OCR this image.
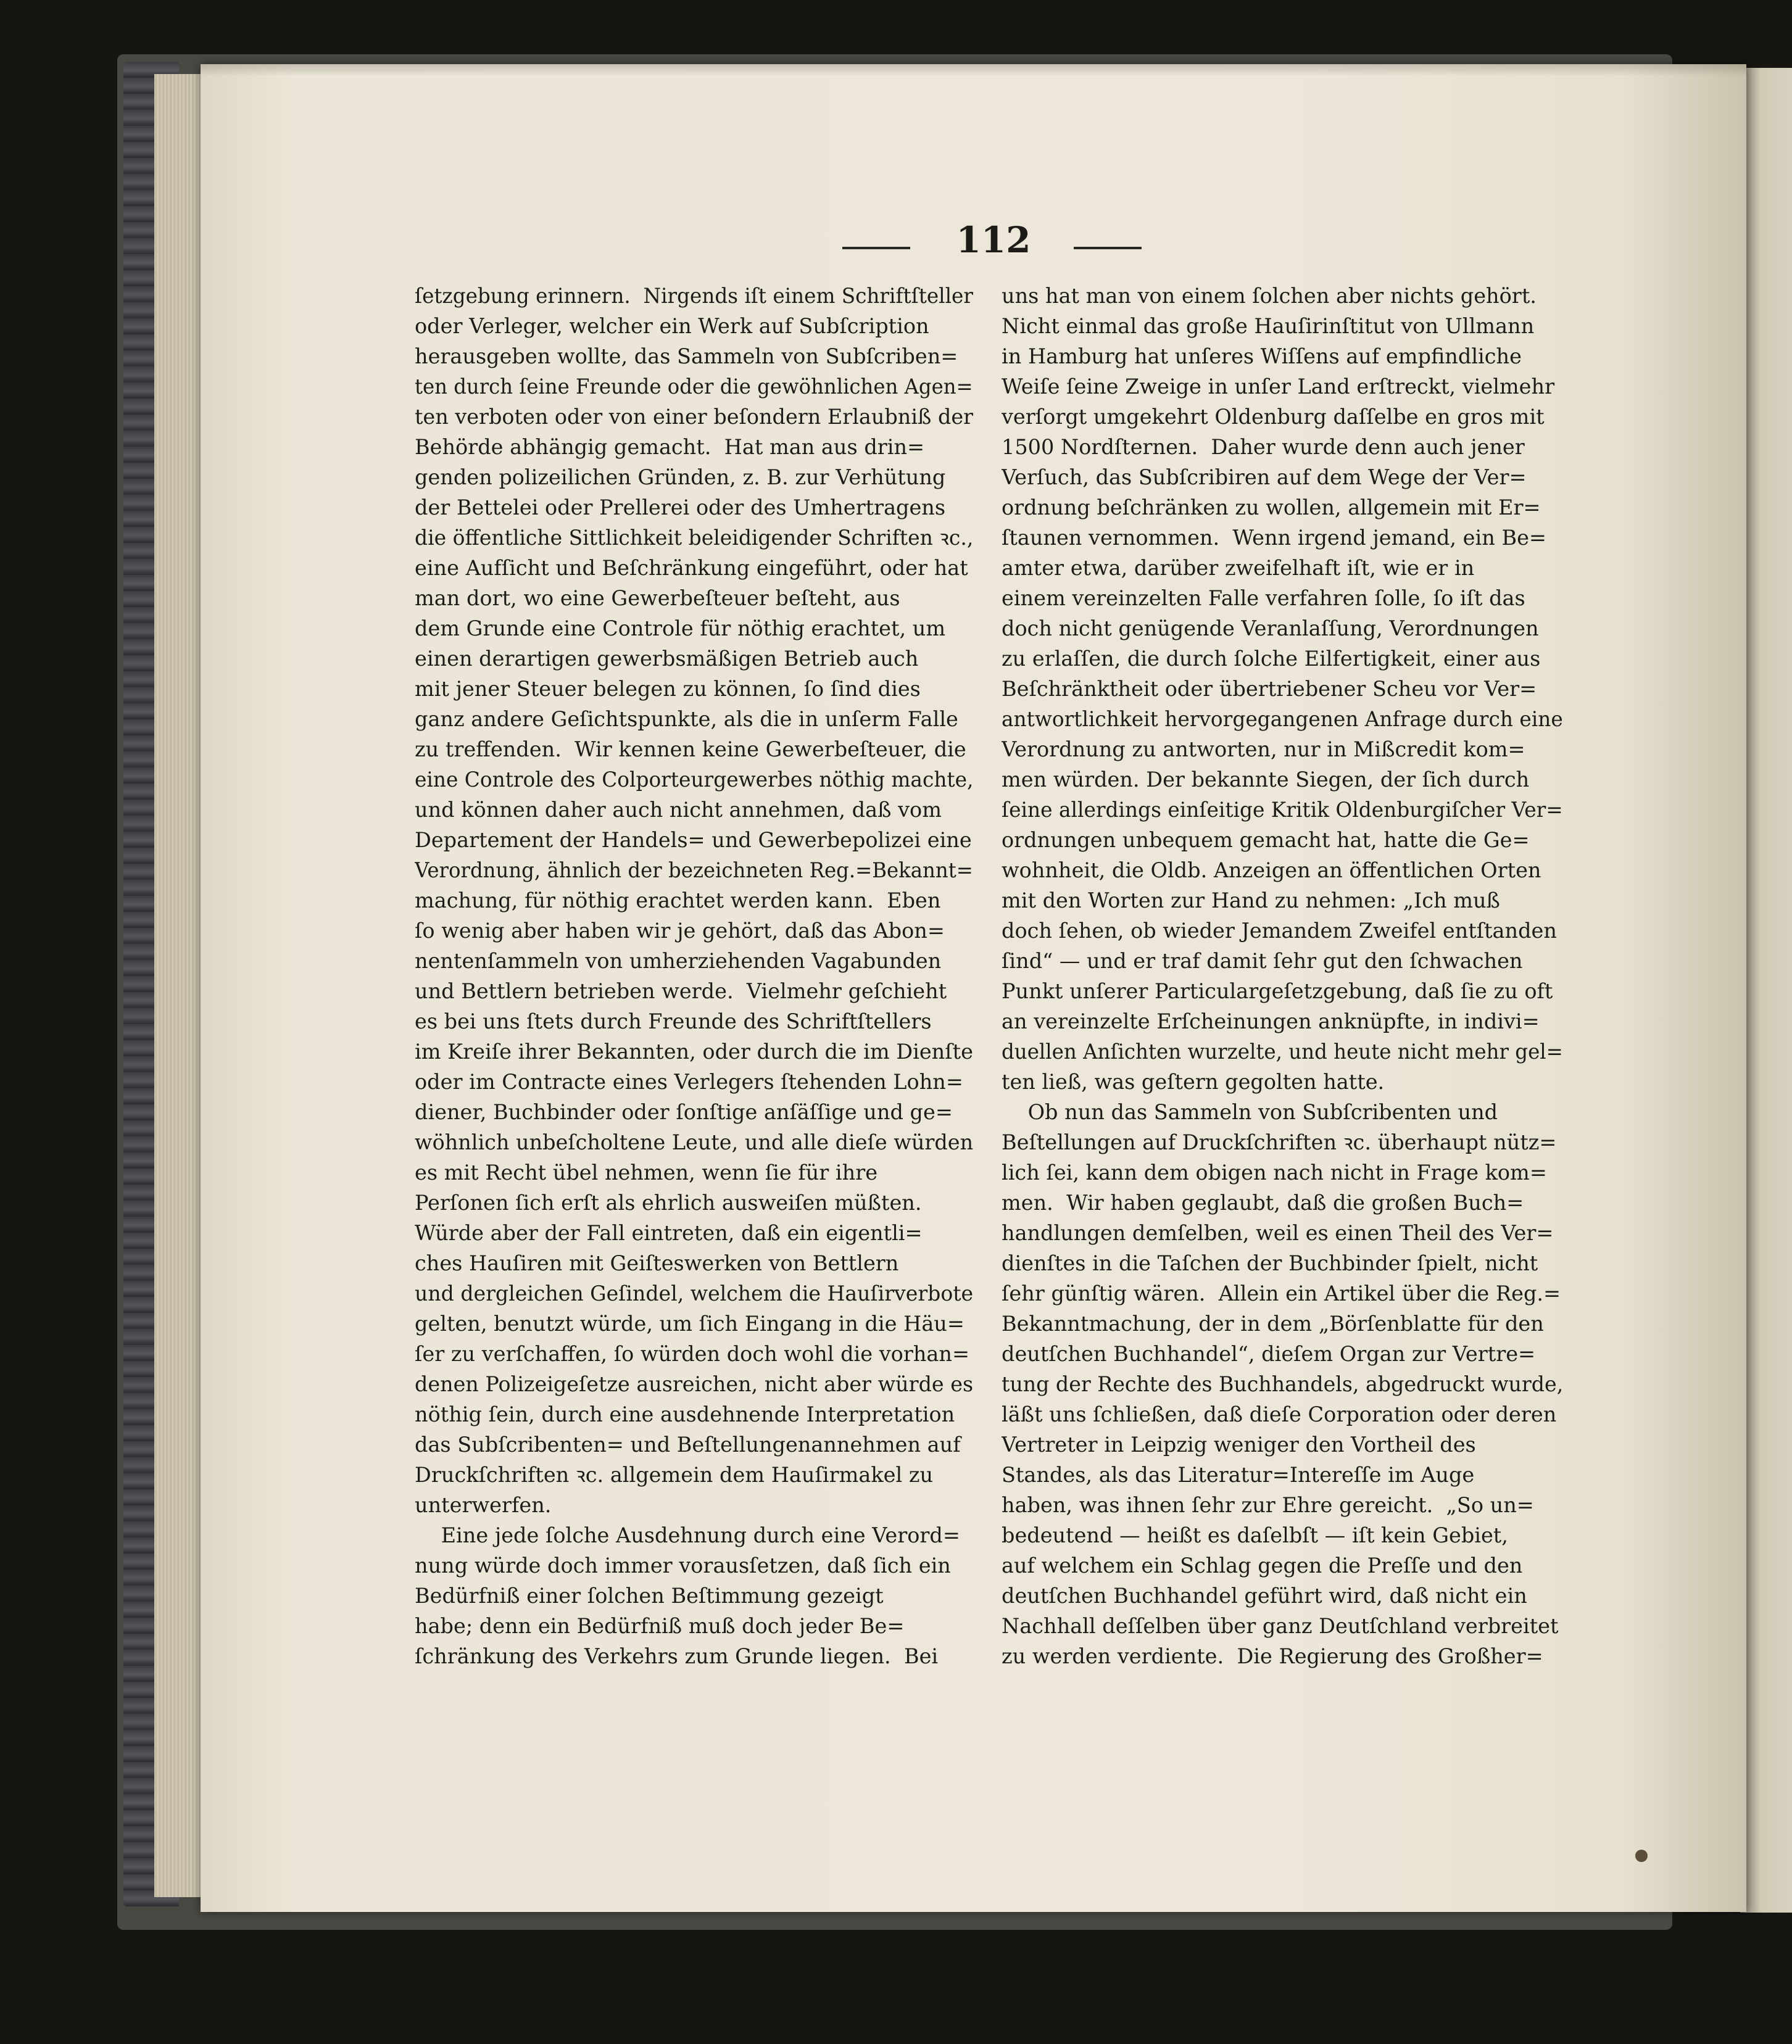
112
ſetzgebung erinnern.  Nirgends iſt einem Schriftſteller
oder Verleger, welcher ein Werk auf Subſcription
herausgeben wollte, das Sammeln von Subſcriben=
ten durch ſeine Freunde oder die gewöhnlichen Agen=
ten verboten oder von einer beſondern Erlaubniß der
Behörde abhängig gemacht.  Hat man aus drin=
genden polizeilichen Gründen, z. B. zur Verhütung
der Bettelei oder Prellerei oder des Umhertragens
die öffentliche Sittlichkeit beleidigender Schriften ꝛc.,
eine Aufſicht und Beſchränkung eingeführt, oder hat
man dort, wo eine Gewerbeſteuer beſteht, aus
dem Grunde eine Controle für nöthig erachtet, um
einen derartigen gewerbsmäßigen Betrieb auch
mit jener Steuer belegen zu können, ſo ſind dies
ganz andere Geſichtspunkte, als die in unſerm Falle
zu treffenden.  Wir kennen keine Gewerbeſteuer, die
eine Controle des Colporteurgewerbes nöthig machte,
und können daher auch nicht annehmen, daß vom
Departement der Handels= und Gewerbepolizei eine
Verordnung, ähnlich der bezeichneten Reg.=Bekannt=
machung, für nöthig erachtet werden kann.  Eben
ſo wenig aber haben wir je gehört, daß das Abon=
nentenſammeln von umherziehenden Vagabunden
und Bettlern betrieben werde.  Vielmehr geſchieht
es bei uns ſtets durch Freunde des Schriftſtellers
im Kreiſe ihrer Bekannten, oder durch die im Dienſte
oder im Contracte eines Verlegers ſtehenden Lohn=
diener, Buchbinder oder ſonſtige anſäſſige und ge=
wöhnlich unbeſcholtene Leute, und alle dieſe würden
es mit Recht übel nehmen, wenn ſie für ihre
Perſonen ſich erſt als ehrlich ausweiſen müßten.
Würde aber der Fall eintreten, daß ein eigentli=
ches Hauſiren mit Geiſteswerken von Bettlern
und dergleichen Geſindel, welchem die Hauſirverbote
gelten, benutzt würde, um ſich Eingang in die Häu=
ſer zu verſchaffen, ſo würden doch wohl die vorhan=
denen Polizeigeſetze ausreichen, nicht aber würde es
nöthig ſein, durch eine ausdehnende Interpretation
das Subſcribenten= und Beſtellungenannehmen auf
Druckſchriften ꝛc. allgemein dem Hauſirmakel zu
unterwerfen.
Eine jede ſolche Ausdehnung durch eine Verord=
nung würde doch immer vorausſetzen, daß ſich ein
Bedürfniß einer ſolchen Beſtimmung gezeigt
habe; denn ein Bedürfniß muß doch jeder Be=
ſchränkung des Verkehrs zum Grunde liegen.  Bei
uns hat man von einem ſolchen aber nichts gehört.
Nicht einmal das große Hauſirinſtitut von Ullmann
in Hamburg hat unſeres Wiſſens auf empfindliche
Weiſe ſeine Zweige in unſer Land erſtreckt, vielmehr
verſorgt umgekehrt Oldenburg daſſelbe en gros mit
1500 Nordſternen.  Daher wurde denn auch jener
Verſuch, das Subſcribiren auf dem Wege der Ver=
ordnung beſchränken zu wollen, allgemein mit Er=
ſtaunen vernommen.  Wenn irgend jemand, ein Be=
amter etwa, darüber zweifelhaft iſt, wie er in
einem vereinzelten Falle verfahren ſolle, ſo iſt das
doch nicht genügende Veranlaſſung, Verordnungen
zu erlaſſen, die durch ſolche Eilfertigkeit, einer aus
Beſchränktheit oder übertriebener Scheu vor Ver=
antwortlichkeit hervorgegangenen Anfrage durch eine
Verordnung zu antworten, nur in Mißcredit kom=
men würden. Der bekannte Siegen, der ſich durch
ſeine allerdings einſeitige Kritik Oldenburgiſcher Ver=
ordnungen unbequem gemacht hat, hatte die Ge=
wohnheit, die Oldb. Anzeigen an öffentlichen Orten
mit den Worten zur Hand zu nehmen: „Ich muß
doch ſehen, ob wieder Jemandem Zweifel entſtanden
ſind“ — und er traf damit ſehr gut den ſchwachen
Punkt unſerer Particulargeſetzgebung, daß ſie zu oft
an vereinzelte Erſcheinungen anknüpfte, in indivi=
duellen Anſichten wurzelte, und heute nicht mehr gel=
ten ließ, was geſtern gegolten hatte.
Ob nun das Sammeln von Subſcribenten und
Beſtellungen auf Druckſchriften ꝛc. überhaupt nütz=
lich ſei, kann dem obigen nach nicht in Frage kom=
men.  Wir haben geglaubt, daß die großen Buch=
handlungen demſelben, weil es einen Theil des Ver=
dienſtes in die Taſchen der Buchbinder ſpielt, nicht
ſehr günſtig wären.  Allein ein Artikel über die Reg.=
Bekanntmachung, der in dem „Börſenblatte für den
deutſchen Buchhandel“, dieſem Organ zur Vertre=
tung der Rechte des Buchhandels, abgedruckt wurde,
läßt uns ſchließen, daß dieſe Corporation oder deren
Vertreter in Leipzig weniger den Vortheil des
Standes, als das Literatur=Intereſſe im Auge
haben, was ihnen ſehr zur Ehre gereicht.  „So un=
bedeutend — heißt es daſelbſt — iſt kein Gebiet,
auf welchem ein Schlag gegen die Preſſe und den
deutſchen Buchhandel geführt wird, daß nicht ein
Nachhall deſſelben über ganz Deutſchland verbreitet
zu werden verdiente.  Die Regierung des Großher=
